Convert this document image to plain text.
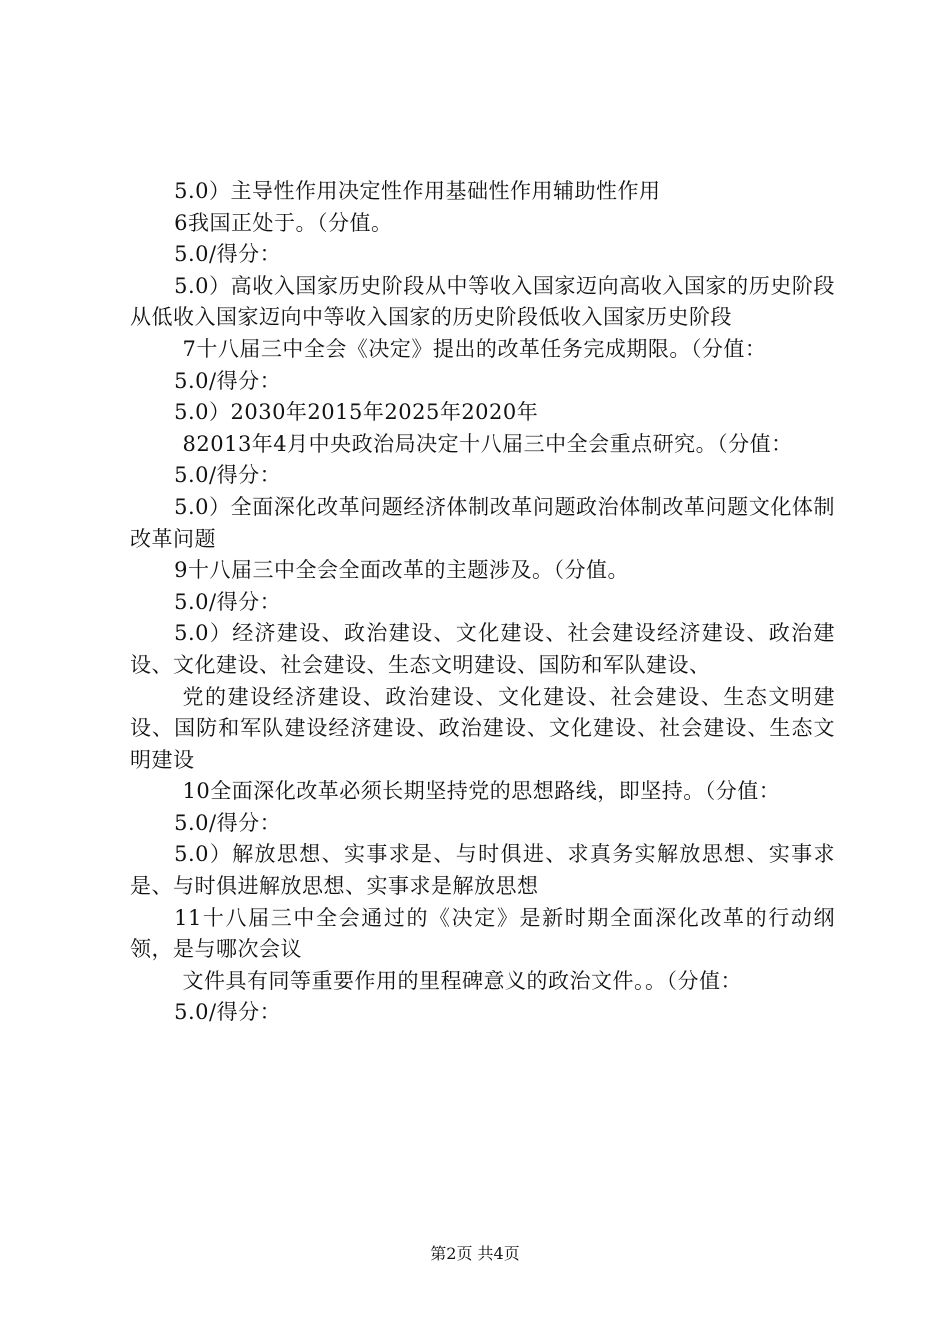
5.0）主导性作用决定性作用基础性作用辅助性作用

6我国正处于。（分值。

5.0/得分：

5.0）高收入国家历史阶段从中等收入国家迈向高收入国家的历史阶段从低收入国家迈向中等收入国家的历史阶段低收入国家历史阶段

7十八届三中全会《决定》提出的改革任务完成期限。（分值：

5.0/得分：

5.0）2030年2015年2025年2020年

82013年4月中央政治局决定十八届三中全会重点研究。（分值：

5.0/得分：

5.0）全面深化改革问题经济体制改革问题政治体制改革问题文化体制改革问题

9十八届三中全会全面改革的主题涉及。（分值。

5.0/得分：

5.0）经济建设、政治建设、文化建设、社会建设经济建设、政治建设、文化建设、社会建设、生态文明建设、国防和军队建设、

党的建设经济建设、政治建设、文化建设、社会建设、生态文明建设、国防和军队建设经济建设、政治建设、文化建设、社会建设、生态文明建设

10全面深化改革必须长期坚持党的思想路线，即坚持。（分值：

5.0/得分：

5.0）解放思想、实事求是、与时俱进、求真务实解放思想、实事求是、与时俱进解放思想、实事求是解放思想

11十八届三中全会通过的《决定》是新时期全面深化改革的行动纲领，是与哪次会议

文件具有同等重要作用的里程碑意义的政治文件。。（分值：

5.0/得分：

第2页 共4页
